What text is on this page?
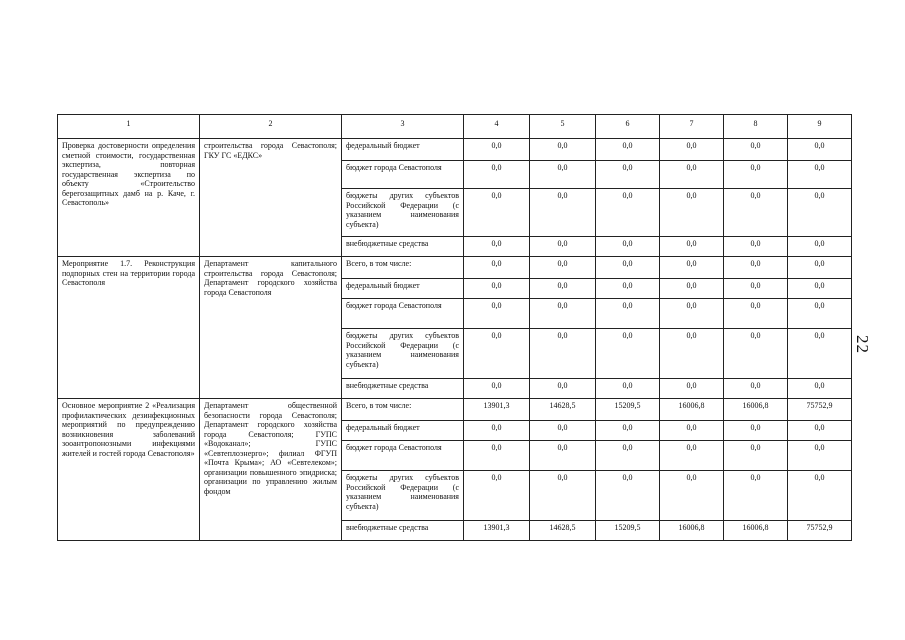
22
1	2	3	4	5	6	7	8	9
Проверка достоверности определения сметной стоимости, государственная экспертиза, повторная государственная экспертиза по объекту «Строительство берегозащитных дамб на р. Каче, г. Севастополь»	строительства города Севастополя; ГКУ ГС «ЕДКС»	федеральный бюджет	0,0	0,0	0,0	0,0	0,0	0,0
		бюджет города Севастополя	0,0	0,0	0,0	0,0	0,0	0,0
		бюджеты других субъектов Российской Федерации (с указанием наименования субъекта)	0,0	0,0	0,0	0,0	0,0	0,0
		внебюджетные средства	0,0	0,0	0,0	0,0	0,0	0,0
Мероприятие 1.7. Реконструкция подпорных стен на территории города Севастополя	Департамент капитального строительства города Севастополя; Департамент городского хозяйства города Севастополя	Всего, в том числе:	0,0	0,0	0,0	0,0	0,0	0,0
		федеральный бюджет	0,0	0,0	0,0	0,0	0,0	0,0
		бюджет города Севастополя	0,0	0,0	0,0	0,0	0,0	0,0
		бюджеты других субъектов Российской Федерации (с указанием наименования субъекта)	0,0	0,0	0,0	0,0	0,0	0,0
		внебюджетные средства	0,0	0,0	0,0	0,0	0,0	0,0
Основное мероприятие 2 «Реализация профилактических дезинфекционных мероприятий по предупреждению возникновения заболеваний зооантропонозными инфекциями жителей и гостей города Севастополя»	Департамент общественной безопасности города Севастополя; Департамент городского хозяйства города Севастополя; ГУПС «Водоканал»; ГУПС «Севтеплоэнерго»; филиал ФГУП «Почта Крыма»; АО «Севтелеком»; организации повышенного эпидриска; организации по управлению жилым фондом	Всего, в том числе:	13901,3	14628,5	15209,5	16006,8	16006,8	75752,9
		федеральный бюджет	0,0	0,0	0,0	0,0	0,0	0,0
		бюджет города Севастополя	0,0	0,0	0,0	0,0	0,0	0,0
		бюджеты других субъектов Российской Федерации (с указанием наименования субъекта)	0,0	0,0	0,0	0,0	0,0	0,0
		внебюджетные средства	13901,3	14628,5	15209,5	16006,8	16006,8	75752,9
